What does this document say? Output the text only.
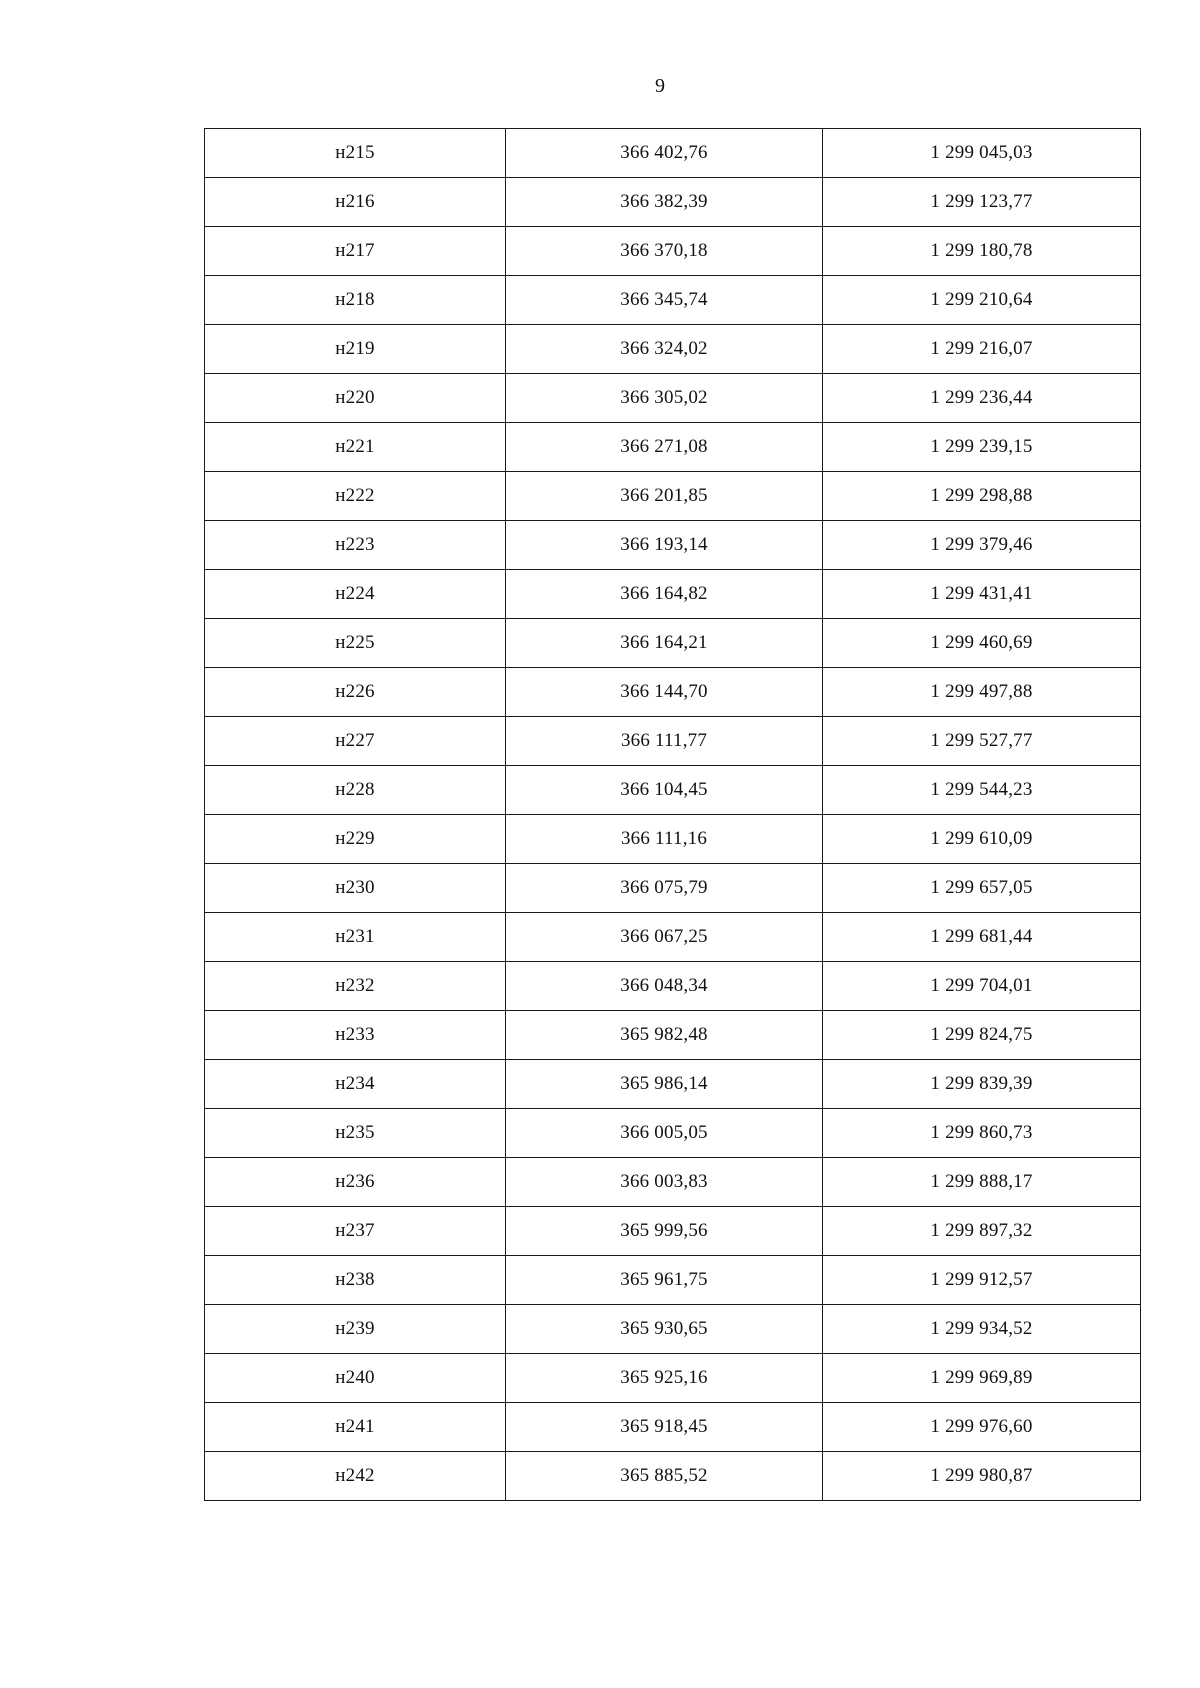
9
н215	366 402,76	1 299 045,03
н216	366 382,39	1 299 123,77
н217	366 370,18	1 299 180,78
н218	366 345,74	1 299 210,64
н219	366 324,02	1 299 216,07
н220	366 305,02	1 299 236,44
н221	366 271,08	1 299 239,15
н222	366 201,85	1 299 298,88
н223	366 193,14	1 299 379,46
н224	366 164,82	1 299 431,41
н225	366 164,21	1 299 460,69
н226	366 144,70	1 299 497,88
н227	366 111,77	1 299 527,77
н228	366 104,45	1 299 544,23
н229	366 111,16	1 299 610,09
н230	366 075,79	1 299 657,05
н231	366 067,25	1 299 681,44
н232	366 048,34	1 299 704,01
н233	365 982,48	1 299 824,75
н234	365 986,14	1 299 839,39
н235	366 005,05	1 299 860,73
н236	366 003,83	1 299 888,17
н237	365 999,56	1 299 897,32
н238	365 961,75	1 299 912,57
н239	365 930,65	1 299 934,52
н240	365 925,16	1 299 969,89
н241	365 918,45	1 299 976,60
н242	365 885,52	1 299 980,87
